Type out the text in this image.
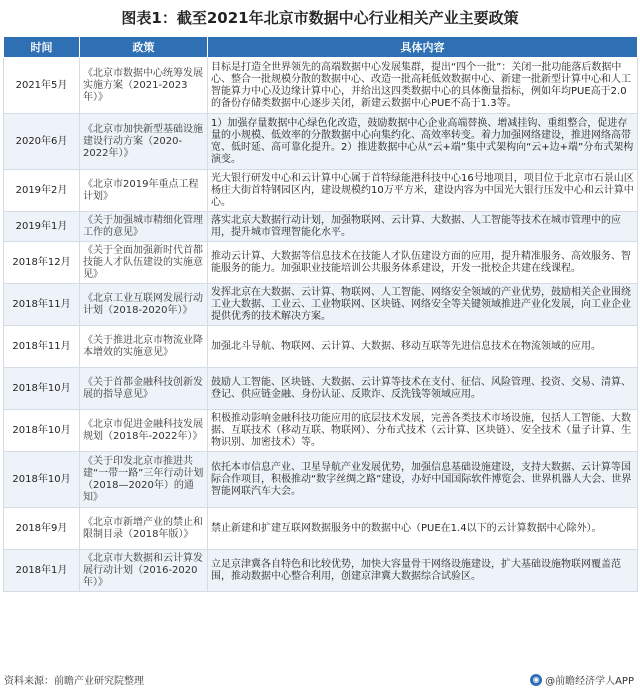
图表1：截至2021年北京市数据中心行业相关产业主要政策
时间	政策	具体内容
2021年5月	《北京市数据中心统筹发展实施方案（2021-2023年）》	目标是打造全世界领先的高端数据中心发展集群，提出“四个一批”：关闭一批功能落后数据中心、整合一批规模分散的数据中心、改造一批高耗低效数据中心、新建一批新型计算中心和人工智能算力中心及边缘计算中心，并给出这四类数据中心的具体衡量指标，例如年均PUE高于2.0的备份存储类数据中心逐步关闭，新建云数据中心PUE不高于1.3等。
2020年6月	《北京市加快新型基础设施建设行动方案（2020-2022年）》	1）加强存量数据中心绿色化改造，鼓励数据中心企业高端替换、增减挂钩、重组整合，促进存量的小规模、低效率的分散数据中心向集约化、高效率转变。着力加强网络建设，推进网络高带宽、低时延、高可靠化提升。2）推进数据中心从“云+端”集中式架构向“云+边+端”分布式架构演变。
2019年2月	《北京市2019年重点工程计划》	光大银行研发中心和云计算中心属于首特绿能港科技中心16号地项目，项目位于北京市石景山区杨庄大街首特钢园区内，建设规模约10万平方米，建设内容为中国光大银行压发中心和云计算中心。
2019年1月	《关于加强城市精细化管理工作的意见》	落实北京大数据行动计划，加强物联网、云计算、大数据、人工智能等技术在城市管理中的应用，提升城市管理智能化水平。
2018年12月	《关于全面加强新时代首都技能人才队伍建设的实施意见》	推动云计算、大数据等信息技术在技能人才队伍建设方面的应用，提升精准服务、高效服务、智能服务的能力。加强职业技能培训公共服务体系建设，开发一批校企共建在线课程。
2018年11月	《北京工业互联网发展行动计划（2018-2020年）》	发挥北京在大数据、云计算、物联网、人工智能、网络安全领域的产业优势，鼓励相关企业围绕工业大数据、工业云、工业物联网、区块链、网络安全等关键领域推进产业化发展，向工业企业提供优秀的技术解决方案。
2018年11月	《关于推进北京市物流业降本增效的实施意见》	加强北斗导航、物联网、云计算、大数据、移动互联等先进信息技术在物流领域的应用。
2018年10月	《关于首都金融科技创新发展的指导意见》	鼓励人工智能、区块链、大数据、云计算等技术在支付、征信、风险管理、投资、交易、清算、登记、供应链金融、身份认证、反欺诈、反洗钱等领域应用。
2018年10月	《北京市促进金融科技发展规划（2018年-2022年）》	积极推动影响金融科技功能应用的底层技术发展，完善各类技术市场设施，包括人工智能、大数据、互联技术（移动互联、物联网）、分布式技术（云计算、区块链）、安全技术（量子计算、生物识别、加密技术）等。
2018年10月	《关于印发北京市推进共建“一带一路”三年行动计划（2018—2020年）的通知》	依托本市信息产业、卫星导航产业发展优势，加强信息基础设施建设，支持大数据、云计算等国际合作项目，积极推动“数字丝绸之路”建设，办好中国国际软件博览会、世界机器人大会、世界智能网联汽车大会。
2018年9月	《北京市新增产业的禁止和限制目录（2018年版）》	禁止新建和扩建互联网数据服务中的数据中心（PUE在1.4以下的云计算数据中心除外）。
2018年1月	《北京市大数据和云计算发展行动计划（2016-2020年）》	立足京津冀各自特色和比较优势，加快大容量骨干网络设施建设，扩大基础设施物联网覆盖范围，推动数据中心整合利用，创建京津冀大数据综合试验区。
资料来源：前瞻产业研究院整理	◉ @前瞻经济学人APP
